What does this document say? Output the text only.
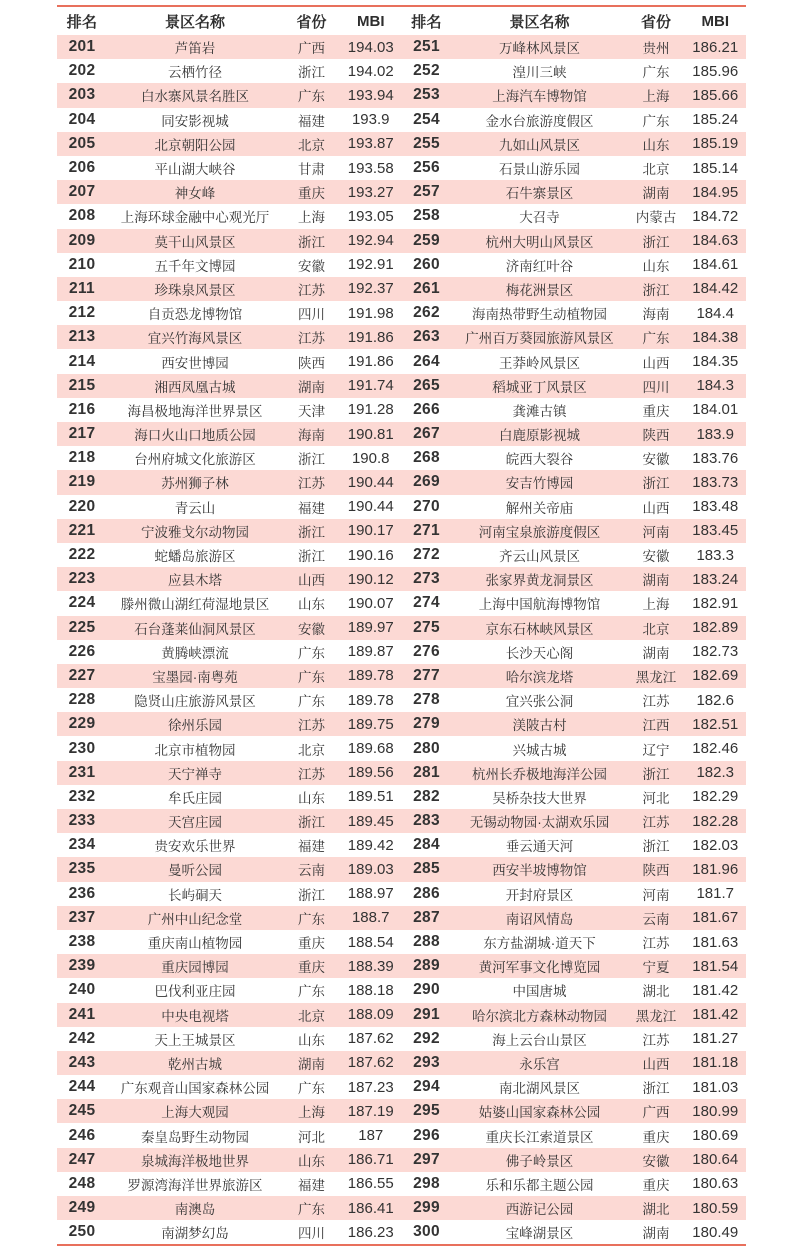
排名	景区名称	省份	MBI	排名	景区名称	省份	MBI
201	芦笛岩	广西	194.03	251	万峰林风景区	贵州	186.21
202	云栖竹径	浙江	194.02	252	湟川三峡	广东	185.96
203	白水寨风景名胜区	广东	193.94	253	上海汽车博物馆	上海	185.66
204	同安影视城	福建	193.9	254	金水台旅游度假区	广东	185.24
205	北京朝阳公园	北京	193.87	255	九如山风景区	山东	185.19
206	平山湖大峡谷	甘肃	193.58	256	石景山游乐园	北京	185.14
207	神女峰	重庆	193.27	257	石牛寨景区	湖南	184.95
208	上海环球金融中心观光厅	上海	193.05	258	大召寺	内蒙古	184.72
209	莫干山风景区	浙江	192.94	259	杭州大明山风景区	浙江	184.63
210	五千年文博园	安徽	192.91	260	济南红叶谷	山东	184.61
211	珍珠泉风景区	江苏	192.37	261	梅花洲景区	浙江	184.42
212	自贡恐龙博物馆	四川	191.98	262	海南热带野生动植物园	海南	184.4
213	宜兴竹海风景区	江苏	191.86	263	广州百万葵园旅游风景区	广东	184.38
214	西安世博园	陕西	191.86	264	王莽岭风景区	山西	184.35
215	湘西凤凰古城	湖南	191.74	265	稻城亚丁风景区	四川	184.3
216	海昌极地海洋世界景区	天津	191.28	266	龚滩古镇	重庆	184.01
217	海口火山口地质公园	海南	190.81	267	白鹿原影视城	陕西	183.9
218	台州府城文化旅游区	浙江	190.8	268	皖西大裂谷	安徽	183.76
219	苏州狮子林	江苏	190.44	269	安吉竹博园	浙江	183.73
220	青云山	福建	190.44	270	解州关帝庙	山西	183.48
221	宁波雅戈尔动物园	浙江	190.17	271	河南宝泉旅游度假区	河南	183.45
222	蛇蟠岛旅游区	浙江	190.16	272	齐云山风景区	安徽	183.3
223	应县木塔	山西	190.12	273	张家界黄龙洞景区	湖南	183.24
224	滕州微山湖红荷湿地景区	山东	190.07	274	上海中国航海博物馆	上海	182.91
225	石台蓬莱仙洞风景区	安徽	189.97	275	京东石林峡风景区	北京	182.89
226	黄腾峡漂流	广东	189.87	276	长沙天心阁	湖南	182.73
227	宝墨园·南粤苑	广东	189.78	277	哈尔滨龙塔	黑龙江	182.69
228	隐贤山庄旅游风景区	广东	189.78	278	宜兴张公洞	江苏	182.6
229	徐州乐园	江苏	189.75	279	渼陂古村	江西	182.51
230	北京市植物园	北京	189.68	280	兴城古城	辽宁	182.46
231	天宁禅寺	江苏	189.56	281	杭州长乔极地海洋公园	浙江	182.3
232	牟氏庄园	山东	189.51	282	吴桥杂技大世界	河北	182.29
233	天宫庄园	浙江	189.45	283	无锡动物园·太湖欢乐园	江苏	182.28
234	贵安欢乐世界	福建	189.42	284	垂云通天河	浙江	182.03
235	曼听公园	云南	189.03	285	西安半坡博物馆	陕西	181.96
236	长屿硐天	浙江	188.97	286	开封府景区	河南	181.7
237	广州中山纪念堂	广东	188.7	287	南诏风情岛	云南	181.67
238	重庆南山植物园	重庆	188.54	288	东方盐湖城·道天下	江苏	181.63
239	重庆园博园	重庆	188.39	289	黄河军事文化博览园	宁夏	181.54
240	巴伐利亚庄园	广东	188.18	290	中国唐城	湖北	181.42
241	中央电视塔	北京	188.09	291	哈尔滨北方森林动物园	黑龙江	181.42
242	天上王城景区	山东	187.62	292	海上云台山景区	江苏	181.27
243	乾州古城	湖南	187.62	293	永乐宫	山西	181.18
244	广东观音山国家森林公园	广东	187.23	294	南北湖风景区	浙江	181.03
245	上海大观园	上海	187.19	295	姑婆山国家森林公园	广西	180.99
246	秦皇岛野生动物园	河北	187	296	重庆长江索道景区	重庆	180.69
247	泉城海洋极地世界	山东	186.71	297	佛子岭景区	安徽	180.64
248	罗源湾海洋世界旅游区	福建	186.55	298	乐和乐都主题公园	重庆	180.63
249	南澳岛	广东	186.41	299	西游记公园	湖北	180.59
250	南湖梦幻岛	四川	186.23	300	宝峰湖景区	湖南	180.49
